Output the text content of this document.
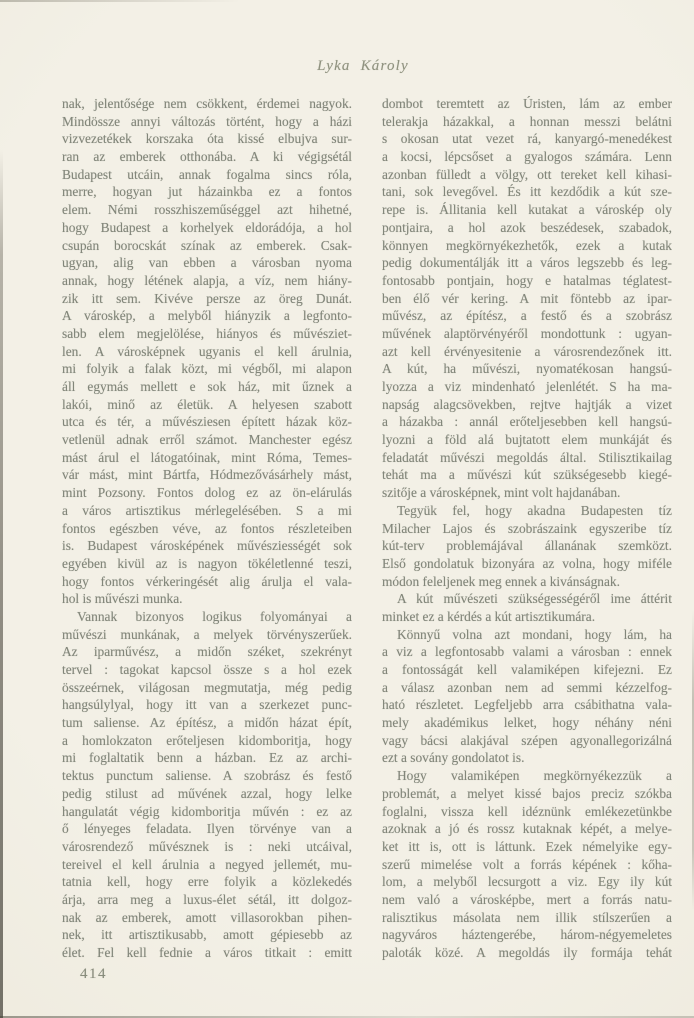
Lyka Károly
nak, jelentősége nem csökkent, érdemei nagyok.
Mindössze annyi változás történt, hogy a házi
vizvezetékek korszaka óta kissé elbujva sur-
ran az emberek otthonába. A ki végigsétál
Budapest utcáin, annak fogalma sincs róla,
merre, hogyan jut házainkba ez a fontos
elem. Némi rosszhiszeműséggel azt hihetné,
hogy Budapest a korhelyek eldorádója, a hol
csupán borocskát színak az emberek. Csak-
ugyan, alig van ebben a városban nyoma
annak, hogy létének alapja, a víz, nem hiány-
zik itt sem. Kivéve persze az öreg Dunát.
A városkép, a melyből hiányzik a legfonto-
sabb elem megjelölése, hiányos és művésziet-
len. A városképnek ugyanis el kell árulnia,
mi folyik a falak közt, mi végből, mi alapon
áll egymás mellett e sok ház, mit űznek a
lakói, minő az életük. A helyesen szabott
utca és tér, a művésziesen épített házak köz-
vetlenül adnak erről számot. Manchester egész
mást árul el látogatóinak, mint Róma, Temes-
vár mást, mint Bártfa, Hódmezővásárhely mást,
mint Pozsony. Fontos dolog ez az ön-elárulás
a város artisztikus mérlegelésében. S a mi
fontos egészben véve, az fontos részleteiben
is. Budapest városképének művésziességét sok
egyében kivül az is nagyon tökéletlenné teszi,
hogy fontos vérkeringését alig árulja el vala-
hol is művészi munka.
Vannak bizonyos logikus folyományai a
művészi munkának, a melyek törvényszerűek.
Az iparművész, a midőn széket, szekrényt
tervel : tagokat kapcsol össze s a hol ezek
összeérnek, világosan megmutatja, még pedig
hangsúlylyal, hogy itt van a szerkezet punc-
tum saliense. Az építész, a midőn házat épít,
a homlokzaton erőteljesen kidomboritja, hogy
mi foglaltatik benn a házban. Ez az archi-
tektus punctum saliense. A szobrász és festő
pedig stilust ad művének azzal, hogy lelke
hangulatát végig kidomboritja művén : ez az
ő lényeges feladata. Ilyen törvénye van a
városrendező művésznek is : neki utcáival,
tereivel el kell árulnia a negyed jellemét, mu-
tatnia kell, hogy erre folyik a közlekedés
árja, arra meg a luxus-élet sétál, itt dolgoz-
nak az emberek, amott villasorokban pihen-
nek, itt artisztikusabb, amott gépiesebb az
élet. Fel kell fednie a város titkait : emitt
dombot teremtett az Úristen, lám az ember
telerakja házakkal, a honnan messzi belátni
s okosan utat vezet rá, kanyargó-menedékest
a kocsi, lépcsőset a gyalogos számára. Lenn
azonban fülledt a völgy, ott tereket kell kihasi-
tani, sok levegővel. És itt kezdődik a kút sze-
repe is. Állitania kell kutakat a városkép oly
pontjaira, a hol azok beszédesek, szabadok,
könnyen megkörnyékezhetők, ezek a kutak
pedig dokumentálják itt a város legszebb és leg-
fontosabb pontjain, hogy e hatalmas téglatest-
ben élő vér kering. A mit föntebb az ipar-
művész, az építész, a festő és a szobrász
művének alaptörvényéről mondottunk : ugyan-
azt kell érvényesitenie a városrendezőnek itt.
A kút, ha művészi, nyomatékosan hangsú-
lyozza a viz mindenható jelenlétét. S ha ma-
napság alagcsövekben, rejtve hajtják a vizet
a házakba : annál erőteljesebben kell hangsú-
lyozni a föld alá bujtatott elem munkáját és
feladatát művészi megoldás által. Stilisztikailag
tehát ma a művészi kút szükségesebb kiegé-
szitője a városképnek, mint volt hajdanában.
Tegyük fel, hogy akadna Budapesten tíz
Milacher Lajos és szobrászaink egyszeribe tíz
kút-terv problemájával állanának szemközt.
Első gondolatuk bizonyára az volna, hogy miféle
módon feleljenek meg ennek a kivánságnak.
A kút művészeti szükségességéről ime áttérit
minket ez a kérdés a kút artisztikumára.
Könnyű volna azt mondani, hogy lám, ha
a viz a legfontosabb valami a városban : ennek
a fontosságát kell valamiképen kifejezni. Ez
a válasz azonban nem ad semmi kézzelfog-
ható részletet. Legfeljebb arra csábithatna vala-
mely akadémikus lelket, hogy néhány néni
vagy bácsi alakjával szépen agyonallegorizálná
ezt a sovány gondolatot is.
Hogy valamiképen megkörnyékezzük a
problemát, a melyet kissé bajos preciz szókba
foglalni, vissza kell idéznünk emlékezetünkbe
azoknak a jó és rossz kutaknak képét, a melye-
ket itt is, ott is láttunk. Ezek némelyike egy-
szerű mimelése volt a forrás képének : kőha-
lom, a melyből lecsurgott a viz. Egy ily kút
nem való a városképbe, mert a forrás natu-
ralisztikus másolata nem illik stílszerűen a
nagyváros háztengerébe, három-négyemeletes
paloták közé. A megoldás ily formája tehát
414
